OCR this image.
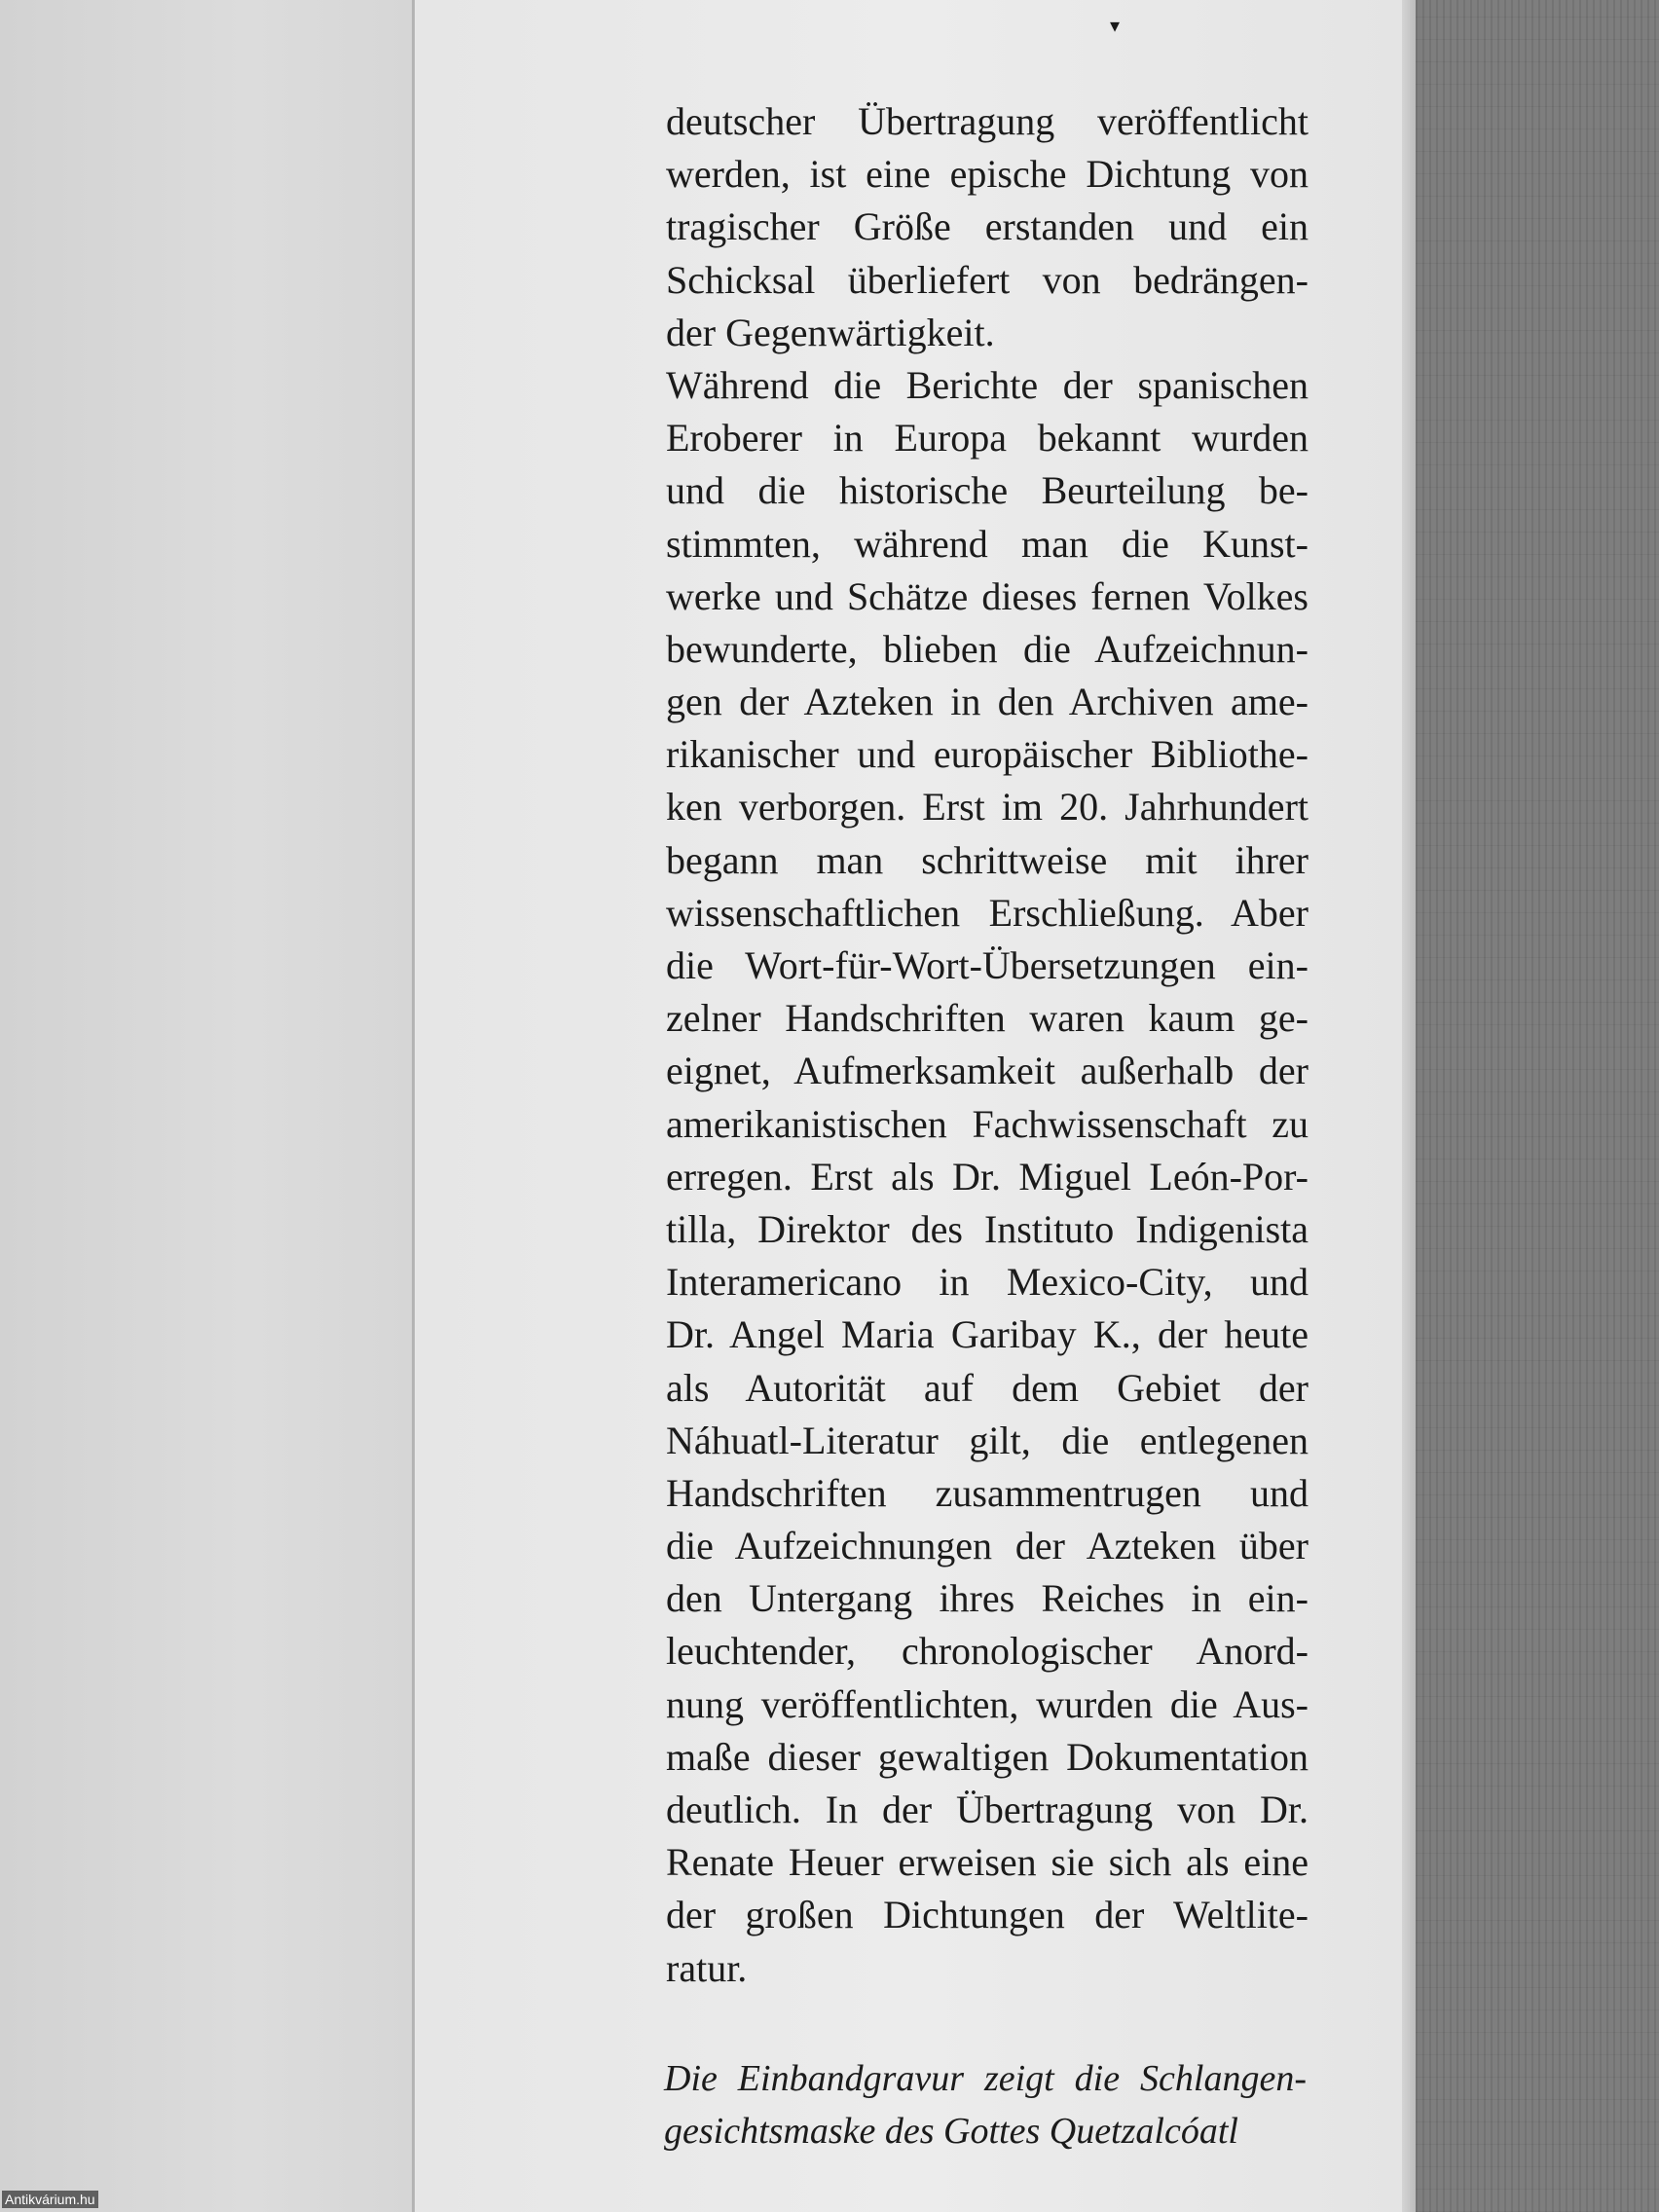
▾
deutscher Übertragung veröffentlicht
werden, ist eine epische Dichtung von
tragischer Größe erstanden und ein
Schicksal überliefert von bedrängen-
der Gegenwärtigkeit.
Während die Berichte der spanischen
Eroberer in Europa bekannt wurden
und die historische Beurteilung be-
stimmten, während man die Kunst-
werke und Schätze dieses fernen Volkes
bewunderte, blieben die Aufzeichnun-
gen der Azteken in den Archiven ame-
rikanischer und europäischer Bibliothe-
ken verborgen. Erst im 20. Jahrhundert
begann man schrittweise mit ihrer
wissenschaftlichen Erschließung. Aber
die Wort-für-Wort-Übersetzungen ein-
zelner Handschriften waren kaum ge-
eignet, Aufmerksamkeit außerhalb der
amerikanistischen Fachwissenschaft zu
erregen. Erst als Dr. Miguel León-Por-
tilla, Direktor des Instituto Indigenista
Interamericano in Mexico-City, und
Dr. Angel Maria Garibay K., der heute
als Autorität auf dem Gebiet der
Náhuatl-Literatur gilt, die entlegenen
Handschriften zusammentrugen und
die Aufzeichnungen der Azteken über
den Untergang ihres Reiches in ein-
leuchtender, chronologischer Anord-
nung veröffentlichten, wurden die Aus-
maße dieser gewaltigen Dokumentation
deutlich. In der Übertragung von Dr.
Renate Heuer erweisen sie sich als eine
der großen Dichtungen der Weltlite-
ratur.
Die Einbandgravur zeigt die Schlangen-
gesichtsmaske des Gottes Quetzalcóatl
Antikvárium.hu
